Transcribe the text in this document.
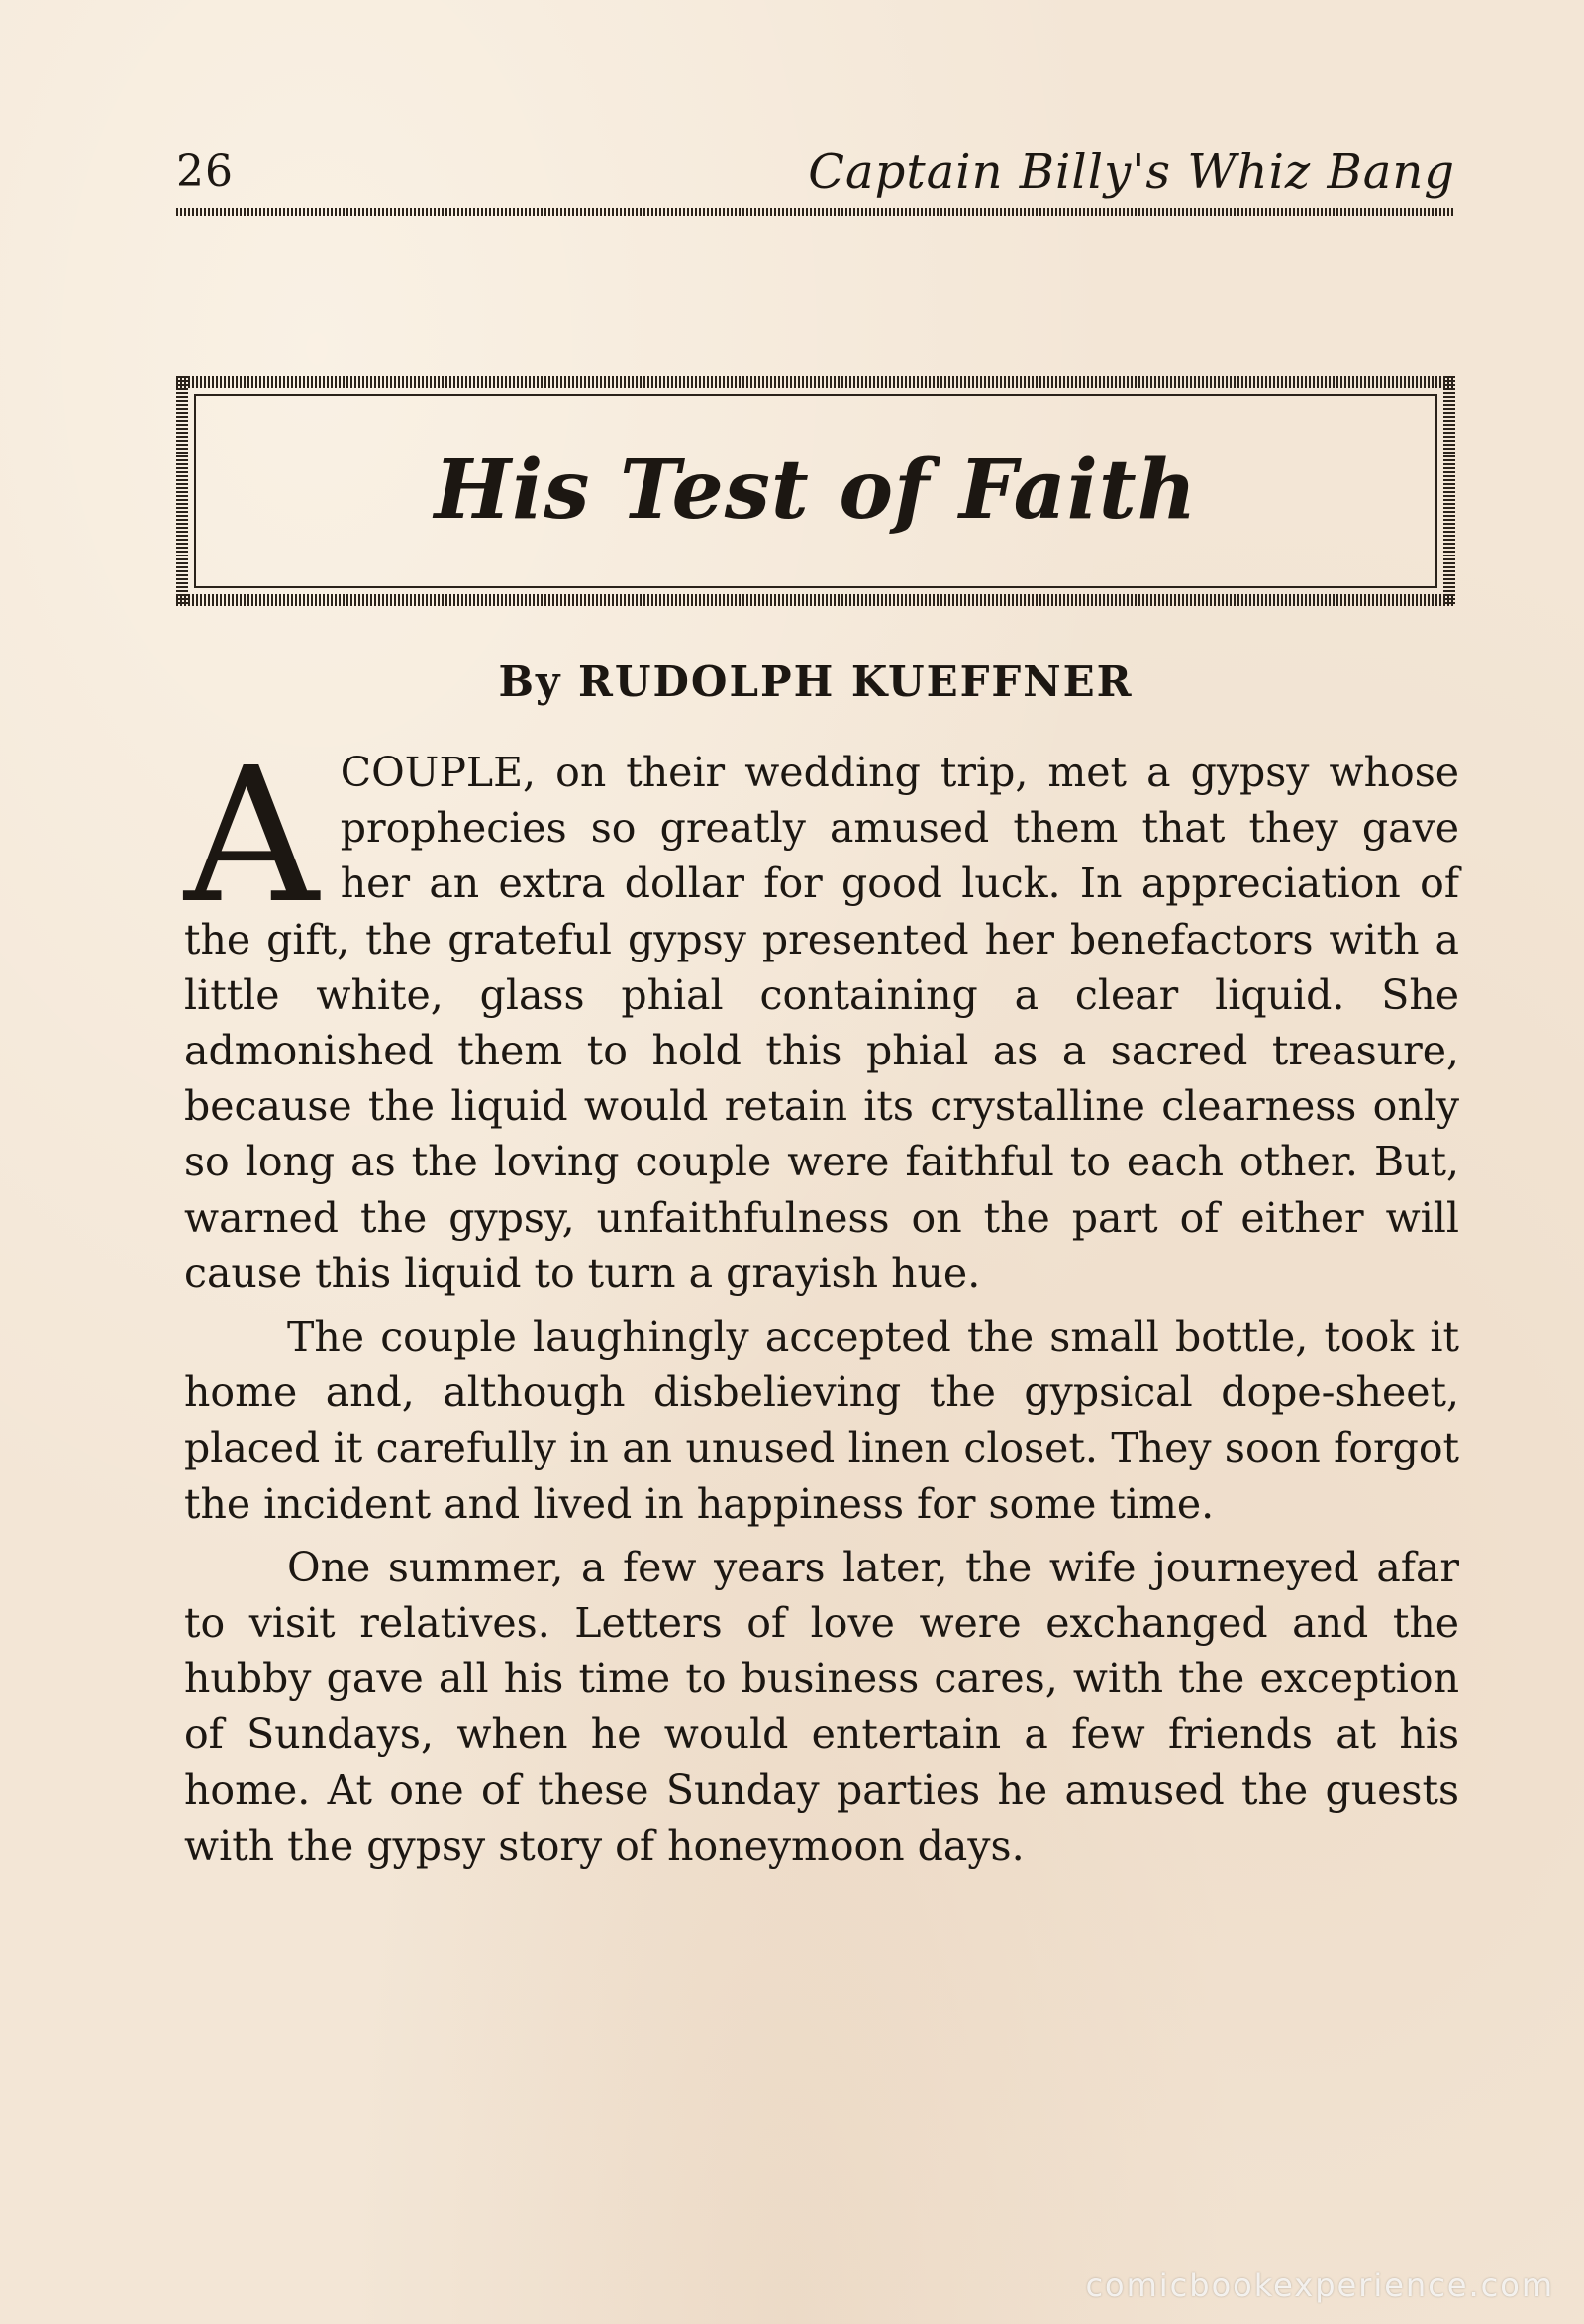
26	Captain Billy's Whiz Bang
His Test of Faith
By RUDOLPH KUEFFNER

ACOUPLE, on their wedding trip, met a gypsy whose prophecies so greatly amused them that they gave her an extra dollar for good luck. In appreciation of the gift, the grateful gypsy presented her benefactors with a little white, glass phial containing a clear liquid. She admonished them to hold this phial as a sacred treasure, because the liquid would retain its crystalline clearness only so long as the loving couple were faithful to each other. But, warned the gypsy, unfaithfulness on the part of either will cause this liquid to turn a grayish hue.

The couple laughingly accepted the small bottle, took it home and, although disbelieving the gypsical dope-sheet, placed it carefully in an unused linen closet. They soon forgot the incident and lived in happiness for some time.

One summer, a few years later, the wife journeyed afar to visit relatives. Letters of love were exchanged and the hubby gave all his time to business cares, with the exception of Sundays, when he would entertain a few friends at his home. At one of these Sunday parties he amused the guests with the gypsy story of honeymoon days.

comicbookexperience.com
